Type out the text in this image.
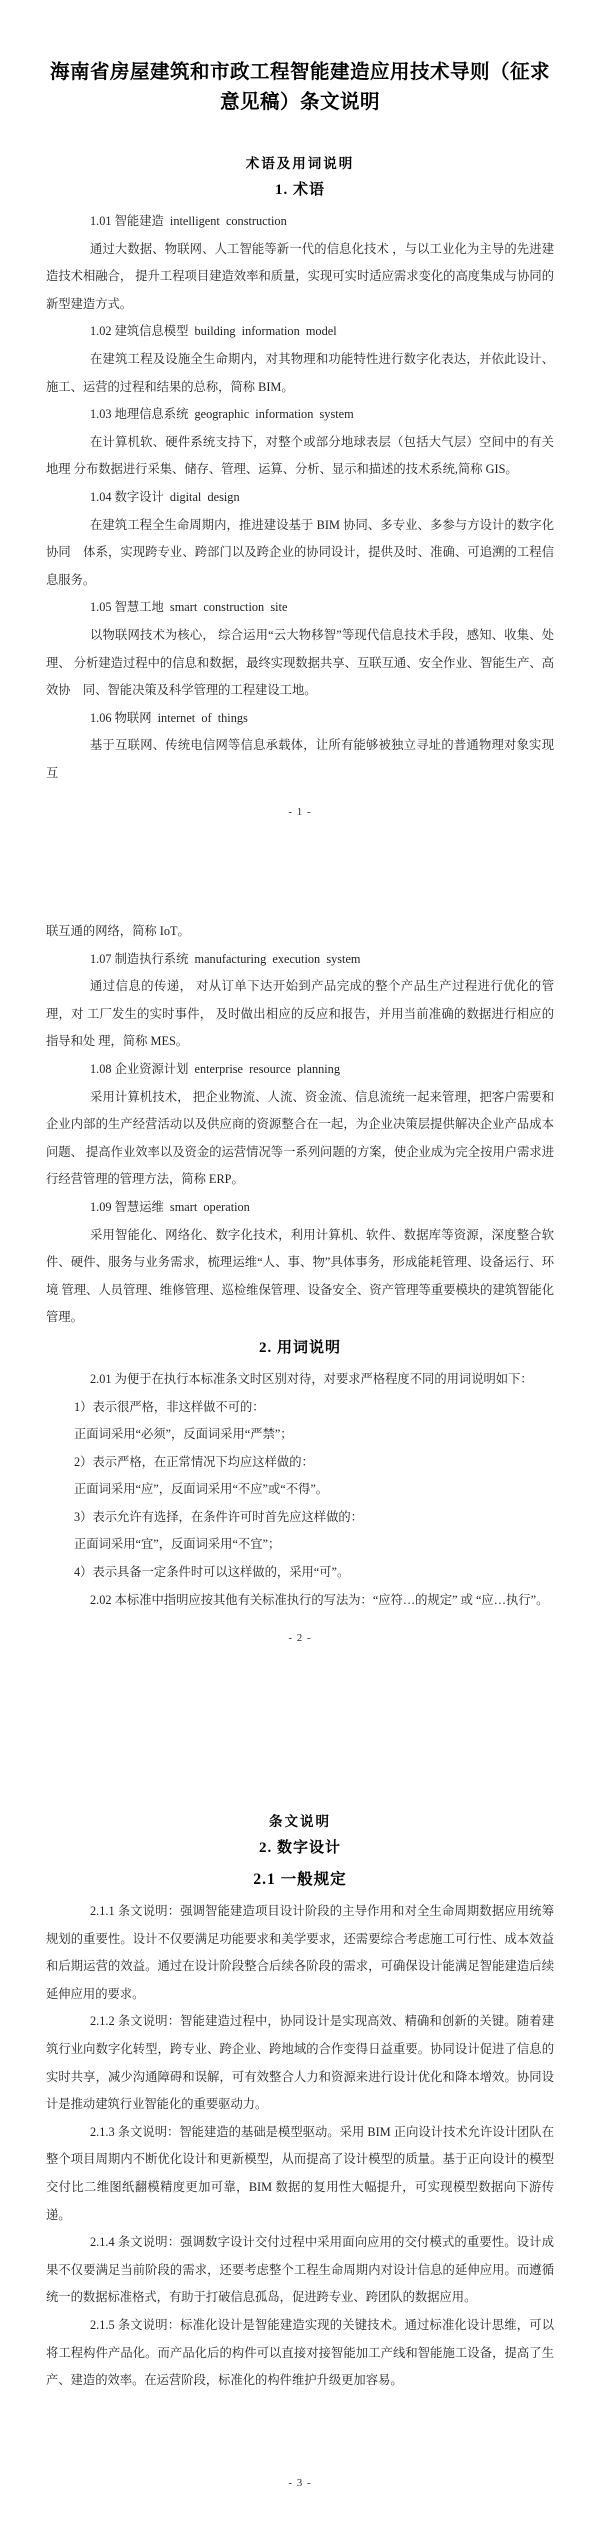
海南省房屋建筑和市政工程智能建造应用技术导则（征求意见稿）条文说明

术语及用词说明

1. 术语

1.01 智能建造  intelligent  construction

通过大数据、物联网、人工智能等新一代的信息化技术 ，与以工业化为主导的先进建造技术相融合， 提升工程项目建造效率和质量，实现可实时适应需求变化的高度集成与协同的新型建造方式。

1.02 建筑信息模型  building  information  model

在建筑工程及设施全生命期内，对其物理和功能特性进行数字化表达，并依此设计、施工、运营的过程和结果的总称，简称 BIM。

1.03 地理信息系统  geographic  information  system

在计算机软、硬件系统支持下，对整个或部分地球表层（包括大气层）空间中的有关地理 分布数据进行采集、储存、管理、运算、分析、显示和描述的技术系统,简称 GIS。

1.04 数字设计  digital  design

在建筑工程全生命周期内，推进建设基于 BIM 协同、多专业、多参与方设计的数字化协同　体系，实现跨专业、跨部门以及跨企业的协同设计，提供及时、准确、可追溯的工程信息服务。

1.05 智慧工地  smart  construction  site

以物联网技术为核心， 综合运用“云大物移智”等现代信息技术手段，感知、收集、处理、 分析建造过程中的信息和数据，最终实现数据共享、互联互通、安全作业、智能生产、高效协　同、智能决策及科学管理的工程建设工地。

1.06 物联网  internet  of  things

基于互联网、传统电信网等信息承载体，让所有能够被独立寻址的普通物理对象实现互

- 1 -

联互通的网络，简称 IoT。

1.07 制造执行系统  manufacturing  execution  system

通过信息的传递， 对从订单下达开始到产品完成的整个产品生产过程进行优化的管理，对 工厂发生的实时事件， 及时做出相应的反应和报告，并用当前准确的数据进行相应的指导和处 理，简称 MES。

1.08 企业资源计划  enterprise  resource  planning

采用计算机技术， 把企业物流、人流、资金流、信息流统一起来管理，把客户需要和企业内部的生产经营活动以及供应商的资源整合在一起，为企业决策层提供解决企业产品成本问题、 提高作业效率以及资金的运营情况等一系列问题的方案，使企业成为完全按用户需求进行经营管理的管理方法，简称 ERP。

1.09 智慧运维  smart  operation

采用智能化、网络化、数字化技术，利用计算机、软件、数据库等资源，深度整合软件、硬件、服务与业务需求，梳理运维“人、事、物”具体事务，形成能耗管理、设备运行、环境 管理、人员管理、维修管理、巡检维保管理、设备安全、资产管理等重要模块的建筑智能化管理。

2. 用词说明

2.01 为便于在执行本标准条文时区别对待，对要求严格程度不同的用词说明如下：

1）表示很严格，非这样做不可的：

正面词采用“必须”，反面词采用“严禁”；

2）表示严格，在正常情况下均应这样做的：

正面词采用“应”，反面词采用“不应”或“不得”。

3）表示允许有选择，在条件许可时首先应这样做的：

正面词采用“宜”，反面词采用“不宜”；

4）表示具备一定条件时可以这样做的，采用“可”。

2.02 本标准中指明应按其他有关标准执行的写法为：“应符…的规定” 或 “应…执行”。

- 2 -

条文说明

2. 数字设计

2.1 一般规定

2.1.1 条文说明：强调智能建造项目设计阶段的主导作用和对全生命周期数据应用统筹规划的重要性。设计不仅要满足功能要求和美学要求，还需要综合考虑施工可行性、成本效益和后期运营的效益。通过在设计阶段整合后续各阶段的需求，可确保设计能满足智能建造后续延伸应用的要求。

2.1.2 条文说明：智能建造过程中，协同设计是实现高效、精确和创新的关键。随着建筑行业向数字化转型，跨专业、跨企业、跨地域的合作变得日益重要。协同设计促进了信息的实时共享，减少沟通障碍和误解，可有效整合人力和资源来进行设计优化和降本增效。协同设计是推动建筑行业智能化的重要驱动力。

2.1.3 条文说明：智能建造的基础是模型驱动。采用 BIM 正向设计技术允许设计团队在整个项目周期内不断优化设计和更新模型，从而提高了设计模型的质量。基于正向设计的模型交付比二维图纸翻模精度更加可靠，BIM 数据的复用性大幅提升，可实现模型数据向下游传递。

2.1.4 条文说明：强调数字设计交付过程中采用面向应用的交付模式的重要性。设计成果不仅要满足当前阶段的需求，还要考虑整个工程生命周期内对设计信息的延伸应用。而遵循统一的数据标准格式，有助于打破信息孤岛，促进跨专业、跨团队的数据应用。

2.1.5 条文说明：标准化设计是智能建造实现的关键技术。通过标准化设计思维，可以将工程构件产品化。而产品化后的构件可以直接对接智能加工产线和智能施工设备，提高了生产、建造的效率。在运营阶段，标准化的构件维护升级更加容易。

- 3 -
